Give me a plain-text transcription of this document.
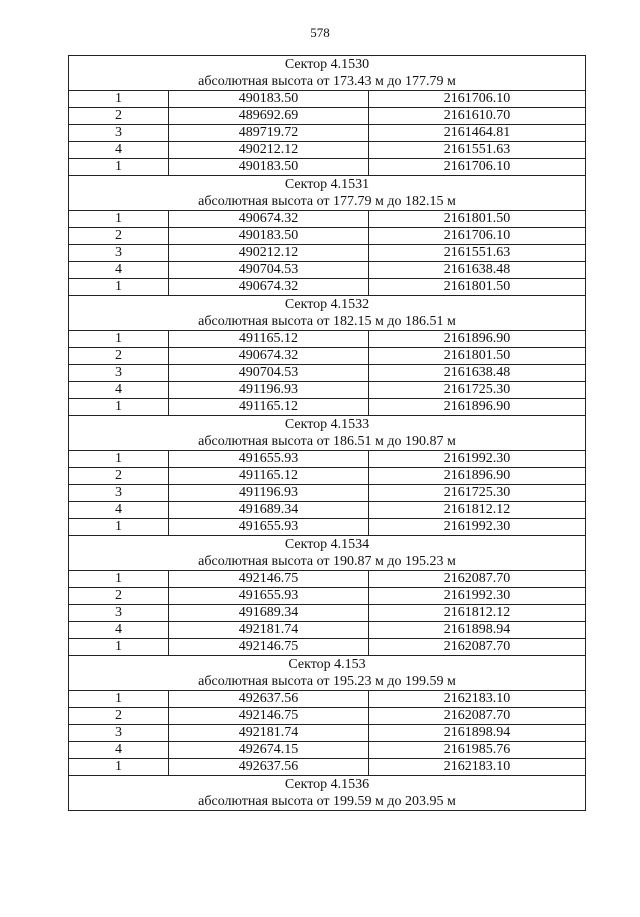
578
Сектор 4.1530		
абсолютная высота от 173.43 м до 177.79 м		
1	490183.50	2161706.10
2	489692.69	2161610.70
3	489719.72	2161464.81
4	490212.12	2161551.63
1	490183.50	2161706.10
Сектор 4.1531		
абсолютная высота от 177.79 м до 182.15 м		
1	490674.32	2161801.50
2	490183.50	2161706.10
3	490212.12	2161551.63
4	490704.53	2161638.48
1	490674.32	2161801.50
Сектор 4.1532		
абсолютная высота от 182.15 м до 186.51 м		
1	491165.12	2161896.90
2	490674.32	2161801.50
3	490704.53	2161638.48
4	491196.93	2161725.30
1	491165.12	2161896.90
Сектор 4.1533		
абсолютная высота от 186.51 м до 190.87 м		
1	491655.93	2161992.30
2	491165.12	2161896.90
3	491196.93	2161725.30
4	491689.34	2161812.12
1	491655.93	2161992.30
Сектор 4.1534		
абсолютная высота от 190.87 м до 195.23 м		
1	492146.75	2162087.70
2	491655.93	2161992.30
3	491689.34	2161812.12
4	492181.74	2161898.94
1	492146.75	2162087.70
Сектор 4.153		
абсолютная высота от 195.23 м до 199.59 м		
1	492637.56	2162183.10
2	492146.75	2162087.70
3	492181.74	2161898.94
4	492674.15	2161985.76
1	492637.56	2162183.10
Сектор 4.1536		
абсолютная высота от 199.59 м до 203.95 м		
